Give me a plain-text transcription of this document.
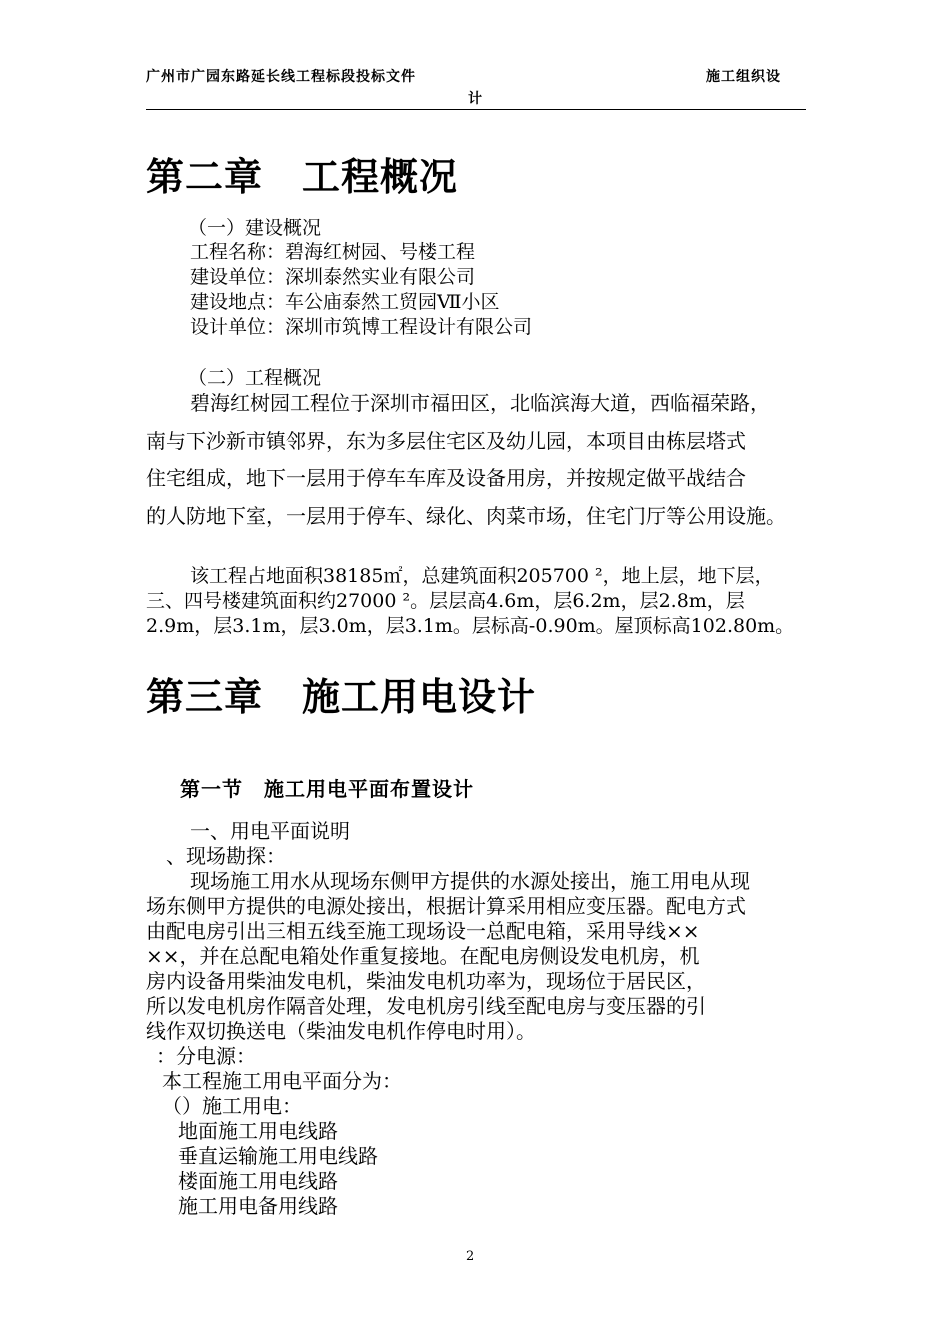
广州市广园东路延长线工程标段投标文件	施工组织设
计
第二章　工程概况
（一）建设概况
工程名称：碧海红树园、号楼工程
建设单位：深圳泰然实业有限公司
建设地点：车公庙泰然工贸园Ⅶ小区
设计单位：深圳市筑博工程设计有限公司
（二）工程概况
碧海红树园工程位于深圳市福田区，北临滨海大道，西临福荣路，
南与下沙新市镇邻界，东为多层住宅区及幼儿园，本项目由栋层塔式
住宅组成，地下一层用于停车车库及设备用房，并按规定做平战结合
的人防地下室，一层用于停车、绿化、肉菜市场，住宅门厅等公用设施。
该工程占地面积38185㎡，总建筑面积205700 ²，地上层，地下层，
三、四号楼建筑面积约27000 ²。层层高4.6m，层6.2m，层2.8m，层
2.9m，层3.1m，层3.0m，层3.1m。层标高-0.90m。屋顶标高102.80m。
第三章　施工用电设计
第一节　施工用电平面布置设计
一、用电平面说明
、现场勘探：
现场施工用水从现场东侧甲方提供的水源处接出，施工用电从现
场东侧甲方提供的电源处接出，根据计算采用相应变压器。配电方式
由配电房引出三相五线至施工现场设一总配电箱，采用导线××
××，并在总配电箱处作重复接地。在配电房侧设发电机房，机
房内设备用柴油发电机，柴油发电机功率为，现场位于居民区，
所以发电机房作隔音处理，发电机房引线至配电房与变压器的引
线作双切换送电（柴油发电机作停电时用）。
：分电源：
本工程施工用电平面分为：
（）施工用电：
地面施工用电线路
垂直运输施工用电线路
楼面施工用电线路
施工用电备用线路
2
